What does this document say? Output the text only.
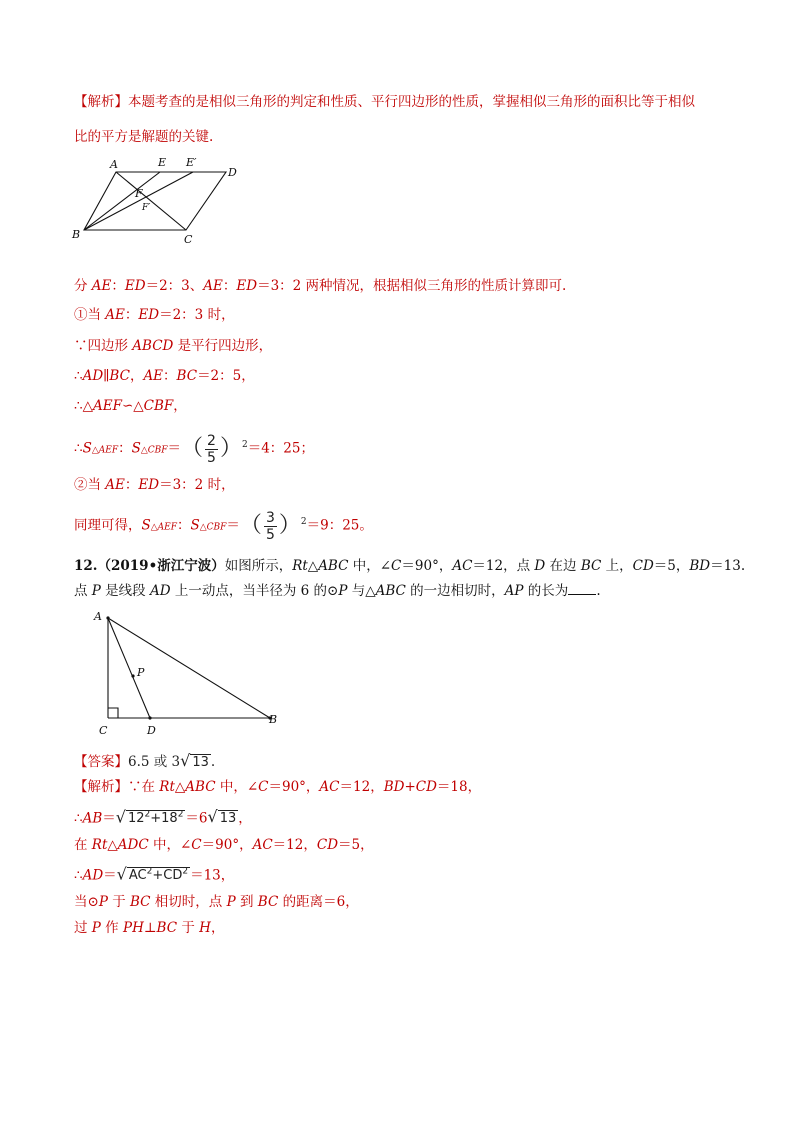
【解析】本题考查的是相似三角形的判定和性质、平行四边形的性质，掌握相似三角形的面积比等于相似
比的平方是解题的关键.
A	E E′
D
F
F′
B	C
分 AE：ED＝2：3、AE：ED＝3：2 两种情况，根据相似三角形的性质计算即可.
①当 AE：ED＝2：3 时，
∵四边形 ABCD 是平行四边形，
∴AD∥BC，AE：BC＝2：5，
∴△AEF∽△CBF，
∴S△AEF：S△CBF＝（ $\frac{2}{5} )^2=4$：25；
②当 AE：ED＝3：2 时，
同理可得，S△AEF：S△CBF＝（ $\frac{3}{5} )^2=9$：25。
12.（2019•浙江宁波）如图所示，Rt△ABC 中，∠C＝90°，AC＝12，点 D 在边 BC 上，CD＝5，BD＝13.
点 P 是线段 AD 上一动点，当半径为 6 的⊙P 与△ABC 的一边相切时，AP 的长为 .
A
P
C	D
B
【答案】6.5 或 3√ 13 .
【解析】∵在 Rt△ABC 中，∠C＝90°，AC＝12，BD+CD＝18，
∴AB＝√ $12^2+18^2 =6√$ 13 ，
在 Rt△ADC 中，∠C＝90°，AC＝12，CD＝5，
∴AD＝√ $AC^2+CD^2 =13$，
当⊙P 于 BC 相切时，点 P 到 BC 的距离＝6，
过 P 作 PH⊥BC 于 H，
